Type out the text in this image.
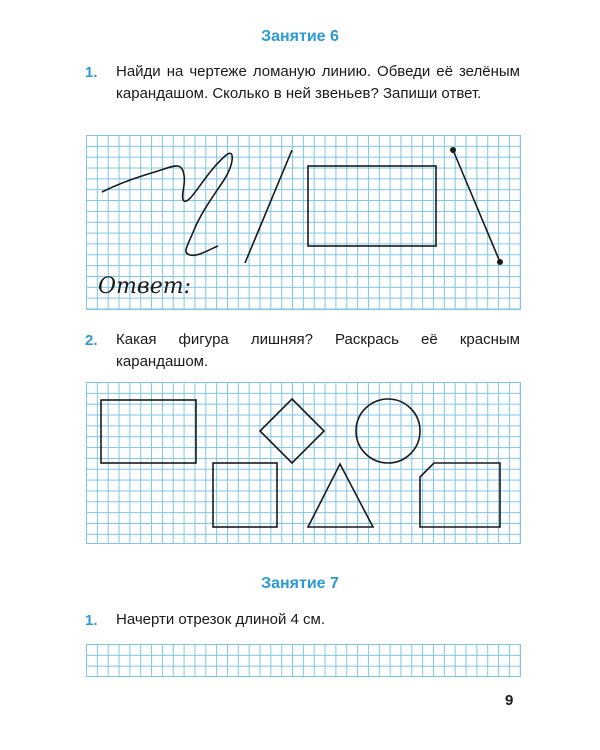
Занятие 6
1. Найди на чертеже ломаную линию. Обведи её зелёным карандашом. Сколько в ней звеньев? Запиши ответ.
Ответ:
2. Какая фигура лишняя? Раскрась её красным карандашом.
Занятие 7
1. Начерти отрезок длиной 4 см.
9
